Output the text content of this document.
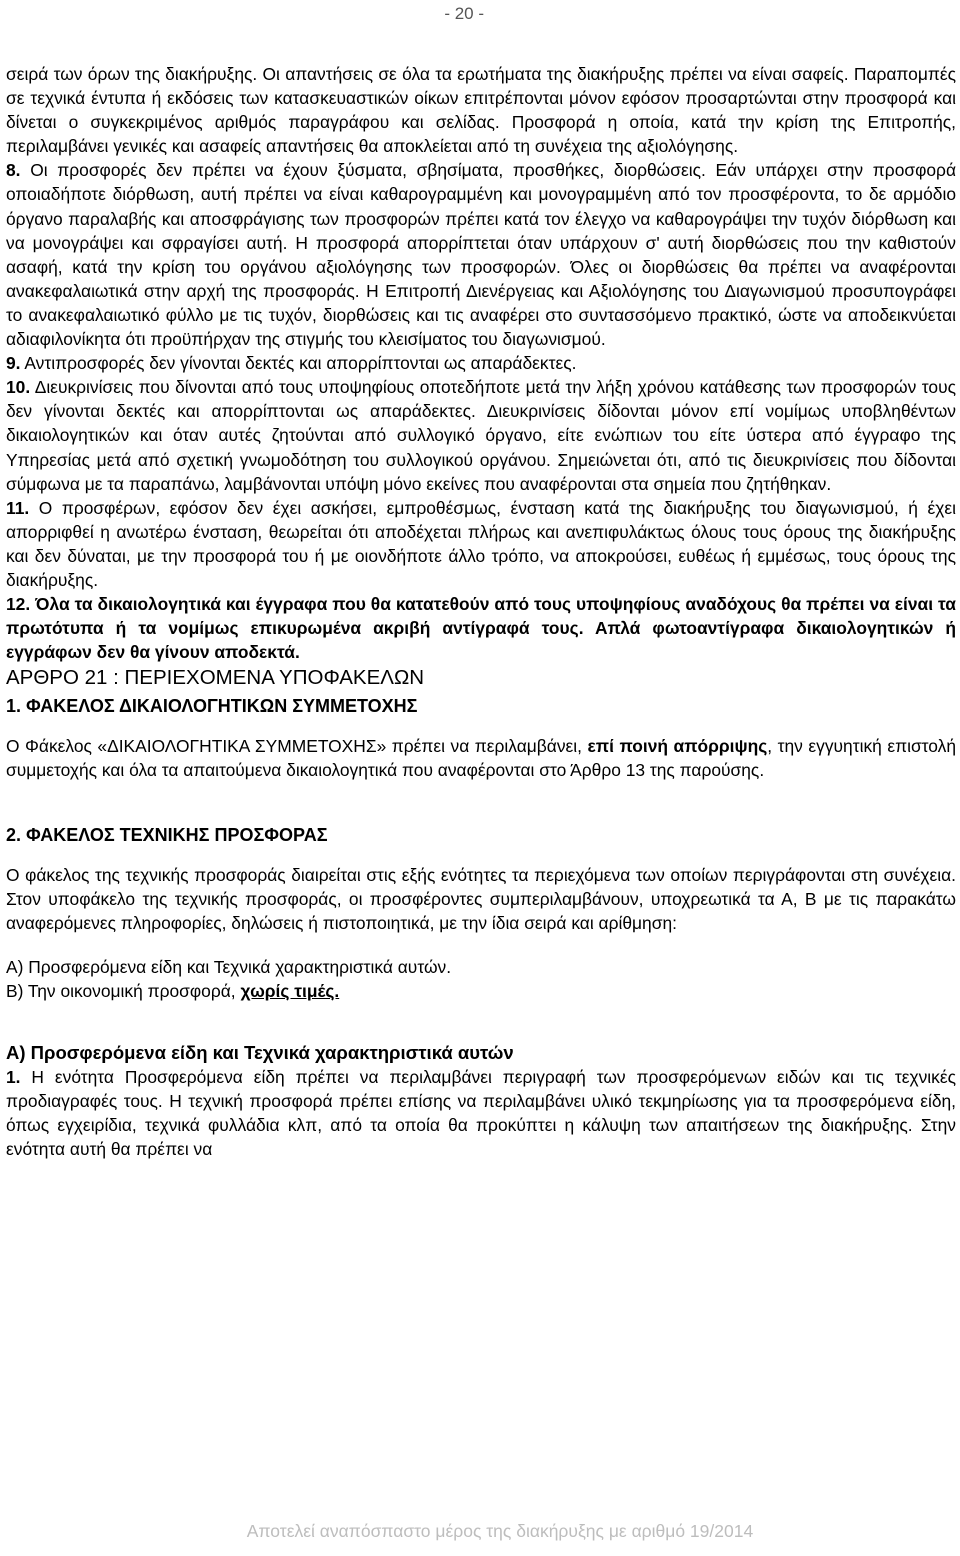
- 20 -

σειρά των όρων της διακήρυξης. Οι απαντήσεις σε όλα τα ερωτήματα της διακήρυξης πρέπει να είναι σαφείς. Παραπομπές σε τεχνικά έντυπα ή εκδόσεις των κατασκευαστικών οίκων επιτρέπονται μόνον εφόσον προσαρτώνται στην προσφορά και δίνεται ο συγκεκριμένος αριθμός παραγράφου και σελίδας. Προσφορά η οποία, κατά την κρίση της Επιτροπής, περιλαμβάνει γενικές και ασαφείς απαντήσεις θα αποκλείεται από τη συνέχεια της αξιολόγησης.

8. Οι προσφορές δεν πρέπει να έχουν ξύσματα, σβησίματα, προσθήκες, διορθώσεις. Εάν υπάρχει στην προσφορά οποιαδήποτε διόρθωση, αυτή πρέπει να είναι καθαρογραμμένη και μονογραμμένη από τον προσφέροντα, το δε αρμόδιο όργανο παραλαβής και αποσφράγισης των προσφορών πρέπει κατά τον έλεγχο να καθαρογράψει την τυχόν διόρθωση και να μονογράψει και σφραγίσει αυτή. Η προσφορά απορρίπτεται όταν υπάρχουν σ' αυτή διορθώσεις που την καθιστούν ασαφή, κατά την κρίση του οργάνου αξιολόγησης των προσφορών. Όλες οι διορθώσεις θα πρέπει να αναφέρονται ανακεφαλαιωτικά στην αρχή της προσφοράς. Η Επιτροπή Διενέργειας και Αξιολόγησης του Διαγωνισμού προσυπογράφει το ανακεφαλαιωτικό φύλλο με τις τυχόν, διορθώσεις και τις αναφέρει στο συντασσόμενο πρακτικό, ώστε να αποδεικνύεται αδιαφιλονίκητα ότι προϋπήρχαν της στιγμής του κλεισίματος του διαγωνισμού.

9. Αντιπροσφορές δεν γίνονται δεκτές και απορρίπτονται ως απαράδεκτες.

10. Διευκρινίσεις που δίνονται από τους υποψηφίους οποτεδήποτε μετά την λήξη χρόνου κατάθεσης των προσφορών τους δεν γίνονται δεκτές και απορρίπτονται ως απαράδεκτες. Διευκρινίσεις δίδονται μόνον επί νομίμως υποβληθέντων δικαιολογητικών και όταν αυτές ζητούνται από συλλογικό όργανο, είτε ενώπιων του είτε ύστερα από έγγραφο της Υπηρεσίας μετά από σχετική γνωμοδότηση του συλλογικού οργάνου. Σημειώνεται ότι, από τις διευκρινίσεις που δίδονται σύμφωνα με τα παραπάνω, λαμβάνονται υπόψη μόνο εκείνες που αναφέρονται στα σημεία που ζητήθηκαν.

11. Ο προσφέρων, εφόσον δεν έχει ασκήσει, εμπροθέσμως, ένσταση κατά της διακήρυξης του διαγωνισμού, ή έχει απορριφθεί η ανωτέρω ένσταση, θεωρείται ότι αποδέχεται πλήρως και ανεπιφυλάκτως όλους τους όρους της διακήρυξης και δεν δύναται, με την προσφορά του ή με οιονδήποτε άλλο τρόπο, να αποκρούσει, ευθέως ή εμμέσως, τους όρους της διακήρυξης.

12. Όλα τα δικαιολογητικά και έγγραφα που θα κατατεθούν από τους υποψηφίους αναδόχους θα πρέπει να είναι τα πρωτότυπα ή τα νομίμως επικυρωμένα ακριβή αντίγραφά τους. Απλά φωτοαντίγραφα δικαιολογητικών ή εγγράφων δεν θα γίνουν αποδεκτά.

ΑΡΘΡΟ 21 : ΠΕΡΙΕΧΟΜΕΝΑ ΥΠΟΦΑΚΕΛΩΝ

1. ΦΑΚΕΛΟΣ ΔΙΚΑΙΟΛΟΓΗΤΙΚΩΝ ΣΥΜΜΕΤΟΧΗΣ

Ο Φάκελος «ΔΙΚΑΙΟΛΟΓΗΤΙΚΑ ΣΥΜΜΕΤΟΧΗΣ» πρέπει να περιλαμβάνει, επί ποινή απόρριψης, την εγγυητική επιστολή συμμετοχής και όλα τα απαιτούμενα δικαιολογητικά που αναφέρονται στο Άρθρο 13 της παρούσης.

2. ΦΑΚΕΛΟΣ ΤΕΧΝΙΚΗΣ ΠΡΟΣΦΟΡΑΣ

Ο φάκελος της τεχνικής προσφοράς διαιρείται στις εξής ενότητες τα περιεχόμενα των οποίων περιγράφονται στη συνέχεια. Στον υποφάκελο της τεχνικής προσφοράς, οι προσφέροντες συμπεριλαμβάνουν, υποχρεωτικά τα Α, Β με τις παρακάτω αναφερόμενες πληροφορίες, δηλώσεις ή πιστοποιητικά, με την ίδια σειρά και αρίθμηση:

Α) Προσφερόμενα είδη και Τεχνικά χαρακτηριστικά αυτών.

Β) Την οικονομική προσφορά, χωρίς τιμές.

Α) Προσφερόμενα είδη και Τεχνικά χαρακτηριστικά αυτών

1. Η ενότητα Προσφερόμενα είδη πρέπει να περιλαμβάνει περιγραφή των προσφερόμενων ειδών και τις τεχνικές προδιαγραφές τους. Η τεχνική προσφορά πρέπει επίσης να περιλαμβάνει υλικό τεκμηρίωσης για τα προσφερόμενα είδη, όπως εγχειρίδια, τεχνικά φυλλάδια κλπ, από τα οποία θα προκύπτει η κάλυψη των απαιτήσεων της διακήρυξης. Στην ενότητα αυτή θα πρέπει να

Αποτελεί αναπόσπαστο μέρος της διακήρυξης με αριθμό 19/2014
